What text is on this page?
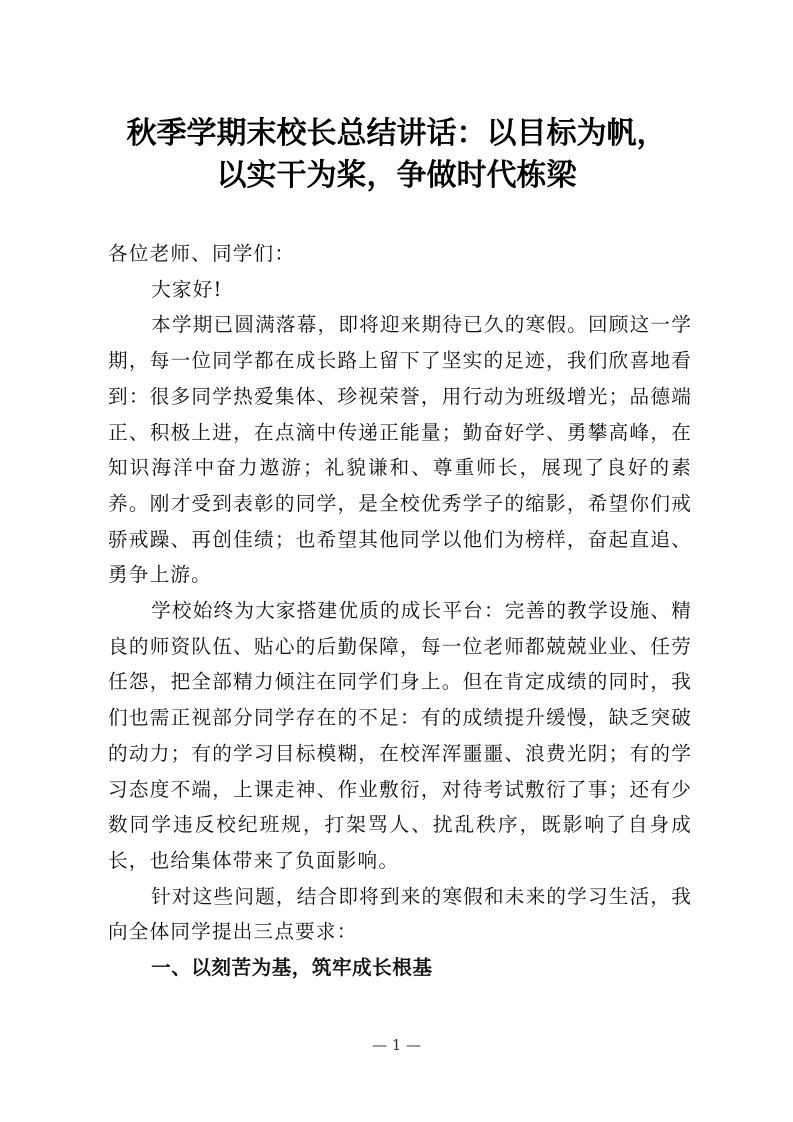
秋季学期末校长总结讲话：以目标为帆，
以实干为桨，争做时代栋梁

各位老师、同学们：

大家好!

本学期已圆满落幕，即将迎来期待已久的寒假。回顾这一学期，每一位同学都在成长路上留下了坚实的足迹，我们欣喜地看到：很多同学热爱集体、珍视荣誉，用行动为班级增光；品德端正、积极上进，在点滴中传递正能量；勤奋好学、勇攀高峰，在知识海洋中奋力遨游；礼貌谦和、尊重师长，展现了良好的素养。刚才受到表彰的同学，是全校优秀学子的缩影，希望你们戒骄戒躁、再创佳绩；也希望其他同学以他们为榜样，奋起直追、勇争上游。

学校始终为大家搭建优质的成长平台：完善的教学设施、精良的师资队伍、贴心的后勤保障，每一位老师都兢兢业业、任劳任怨，把全部精力倾注在同学们身上。但在肯定成绩的同时，我们也需正视部分同学存在的不足：有的成绩提升缓慢，缺乏突破的动力；有的学习目标模糊，在校浑浑噩噩、浪费光阴；有的学习态度不端，上课走神、作业敷衍，对待考试敷衍了事；还有少数同学违反校纪班规，打架骂人、扰乱秩序，既影响了自身成长，也给集体带来了负面影响。

针对这些问题，结合即将到来的寒假和未来的学习生活，我向全体同学提出三点要求：

一、以刻苦为基，筑牢成长根基

— 1 —
